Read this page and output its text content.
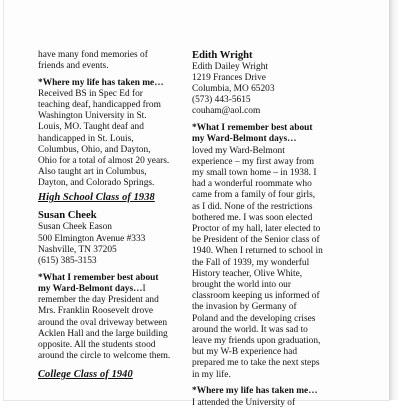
have many fond memories of
friends and events.
*Where my life has taken me…
Received BS in Spec Ed for
teaching deaf, handicapped from
Washington University in St.
Louis, MO. Taught deaf and
handicapped in St. Louis,
Columbus, Ohio, and Dayton,
Ohio for a total of almost 20 years.
Also taught art in Columbus,
Dayton, and Colorado Springs.
High School Class of 1938
Susan Cheek
Susan Cheek Eason
500 Elmington Avenue #333
Nashville, TN 37205
(615) 385-3153
*What I remember best about
my Ward-Belmont days…I
remember the day President and
Mrs. Franklin Roosevelt drove
around the oval driveway between
Acklen Hall and the large building
opposite. All the students stood
around the circle to welcome them.
College Class of 1940
Edith Wright
Edith Dailey Wright
1219 Frances Drive
Columbia, MO 65203
(573) 443-5615
couham@aol.com
*What I remember best about
my Ward-Belmont days…
loved my Ward-Belmont
experience – my first away from
my small town home – in 1938. I
had a wonderful roommate who
came from a family of four girls,
as I did. None of the restrictions
bothered me. I was soon elected
Proctor of my hall, later elected to
be President of the Senior class of
1940. When I returned to school in
the Fall of 1939, my wonderful
History teacher, Olive White,
brought the world into our
classroom keeping us informed of
the invasion by Germany of
Poland and the developing crises
around the world. It was sad to
leave my friends upon graduation,
but my W-B experience had
prepared me to take the next steps
in my life.
*Where my life has taken me…
I attended the University of
